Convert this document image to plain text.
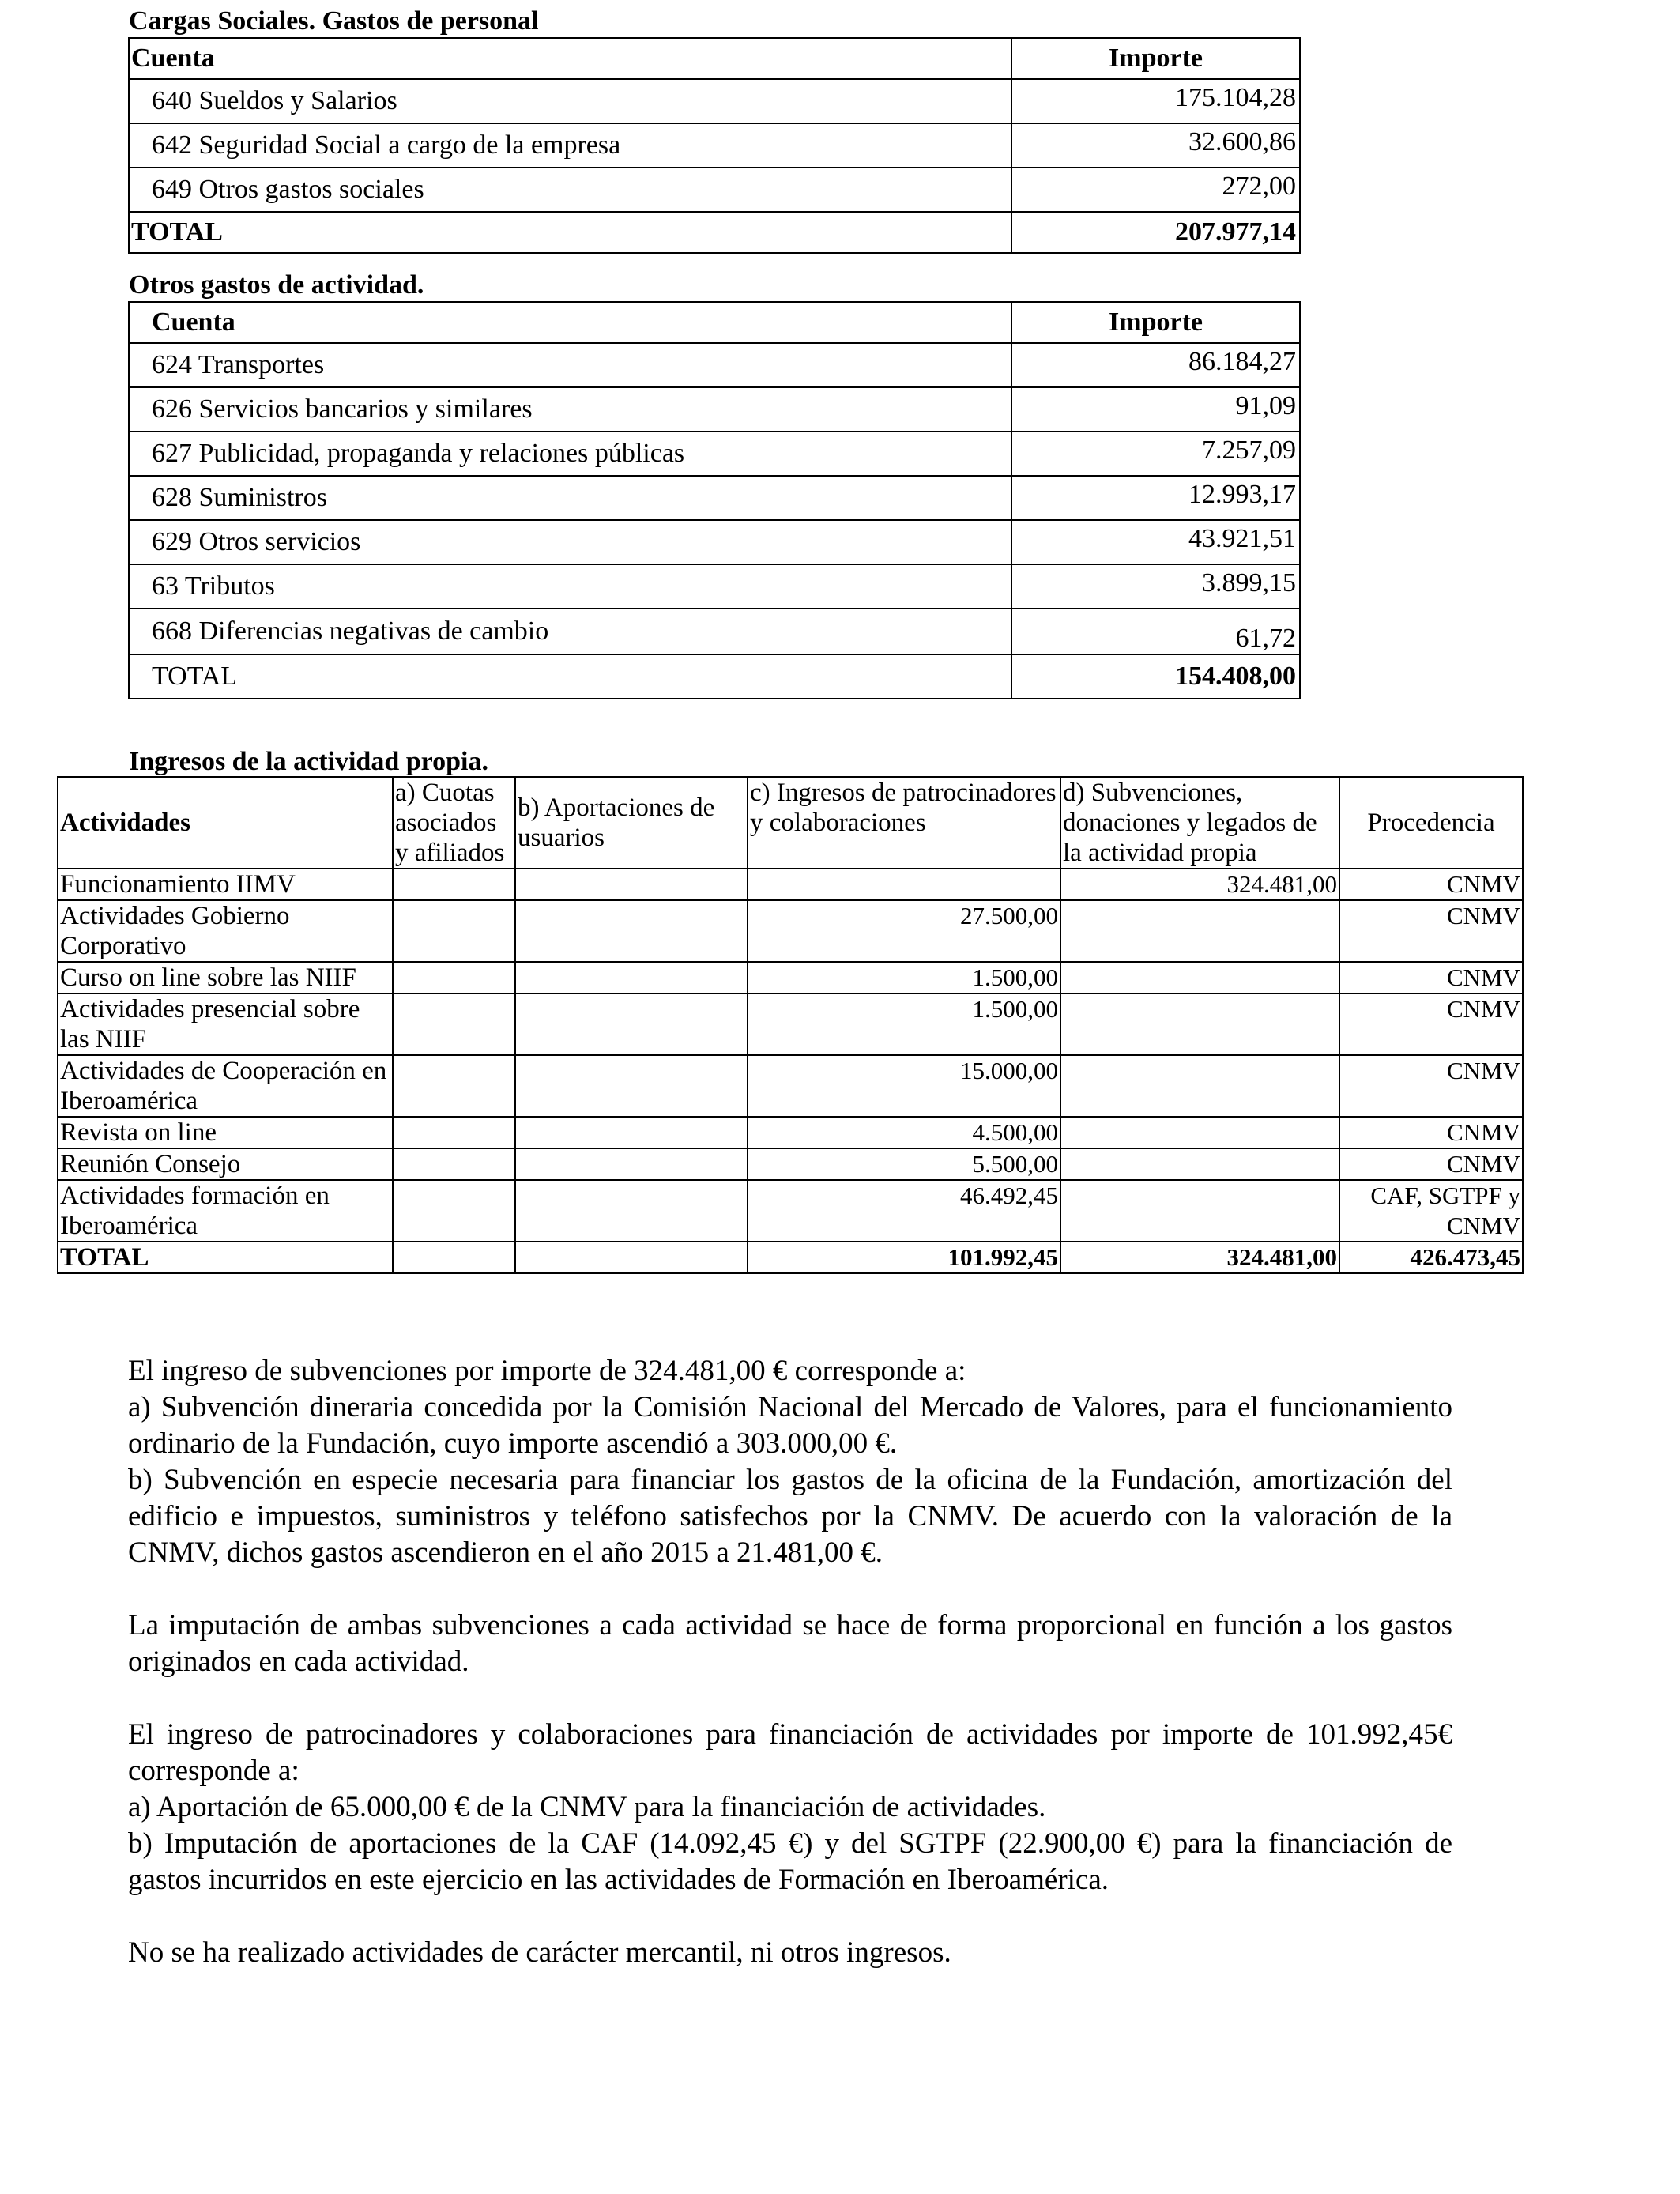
Cargas Sociales. Gastos de personal
Cuenta	Importe
640 Sueldos y Salarios	175.104,28
642 Seguridad Social a cargo de la empresa	32.600,86
649 Otros gastos sociales	272,00
TOTAL	207.977,14
Otros gastos de actividad.
Cuenta	Importe
624 Transportes	86.184,27
626 Servicios bancarios y similares	91,09
627 Publicidad, propaganda y relaciones públicas	7.257,09
628 Suministros	12.993,17
629 Otros servicios	43.921,51
63 Tributos	3.899,15
668 Diferencias negativas de cambio	61,72
TOTAL	154.408,00
Ingresos de la actividad propia.
Actividades	a) Cuotas asociados y afiliados	b) Aportaciones de usuarios	c) Ingresos de patrocinadores y colaboraciones	d) Subvenciones, donaciones y legados de la actividad propia	Procedencia
Funcionamiento IIMV				324.481,00	CNMV
Actividades Gobierno Corporativo			27.500,00		CNMV
Curso on line sobre las NIIF			1.500,00		CNMV
Actividades presencial sobre las NIIF			1.500,00		CNMV
Actividades de Cooperación en Iberoamérica			15.000,00		CNMV
Revista on line			4.500,00		CNMV
Reunión Consejo			5.500,00		CNMV
Actividades formación en Iberoamérica			46.492,45		CAF, SGTPF y CNMV
TOTAL			101.992,45	324.481,00	426.473,45

El ingreso de subvenciones por importe de 324.481,00 € corresponde a:

a) Subvención dineraria concedida por la Comisión Nacional del Mercado de Valores, para el funcionamiento ordinario de la Fundación, cuyo importe ascendió a 303.000,00 €.

b) Subvención en especie necesaria para financiar los gastos de la oficina de la Fundación, amortización del edificio e impuestos, suministros y teléfono satisfechos por la CNMV. De acuerdo con la valoración de la CNMV, dichos gastos ascendieron en el año 2015 a 21.481,00 €.

La imputación de ambas subvenciones a cada actividad se hace de forma proporcional en función a los gastos originados en cada actividad.

El ingreso de patrocinadores y colaboraciones para financiación de actividades por importe de 101.992,45€ corresponde a:

a) Aportación de 65.000,00 € de la CNMV para la financiación de actividades.

b) Imputación de aportaciones de la CAF (14.092,45 €) y del SGTPF (22.900,00 €) para la financiación de gastos incurridos en este ejercicio en las actividades de Formación en Iberoamérica.

No se ha realizado actividades de carácter mercantil, ni otros ingresos.
